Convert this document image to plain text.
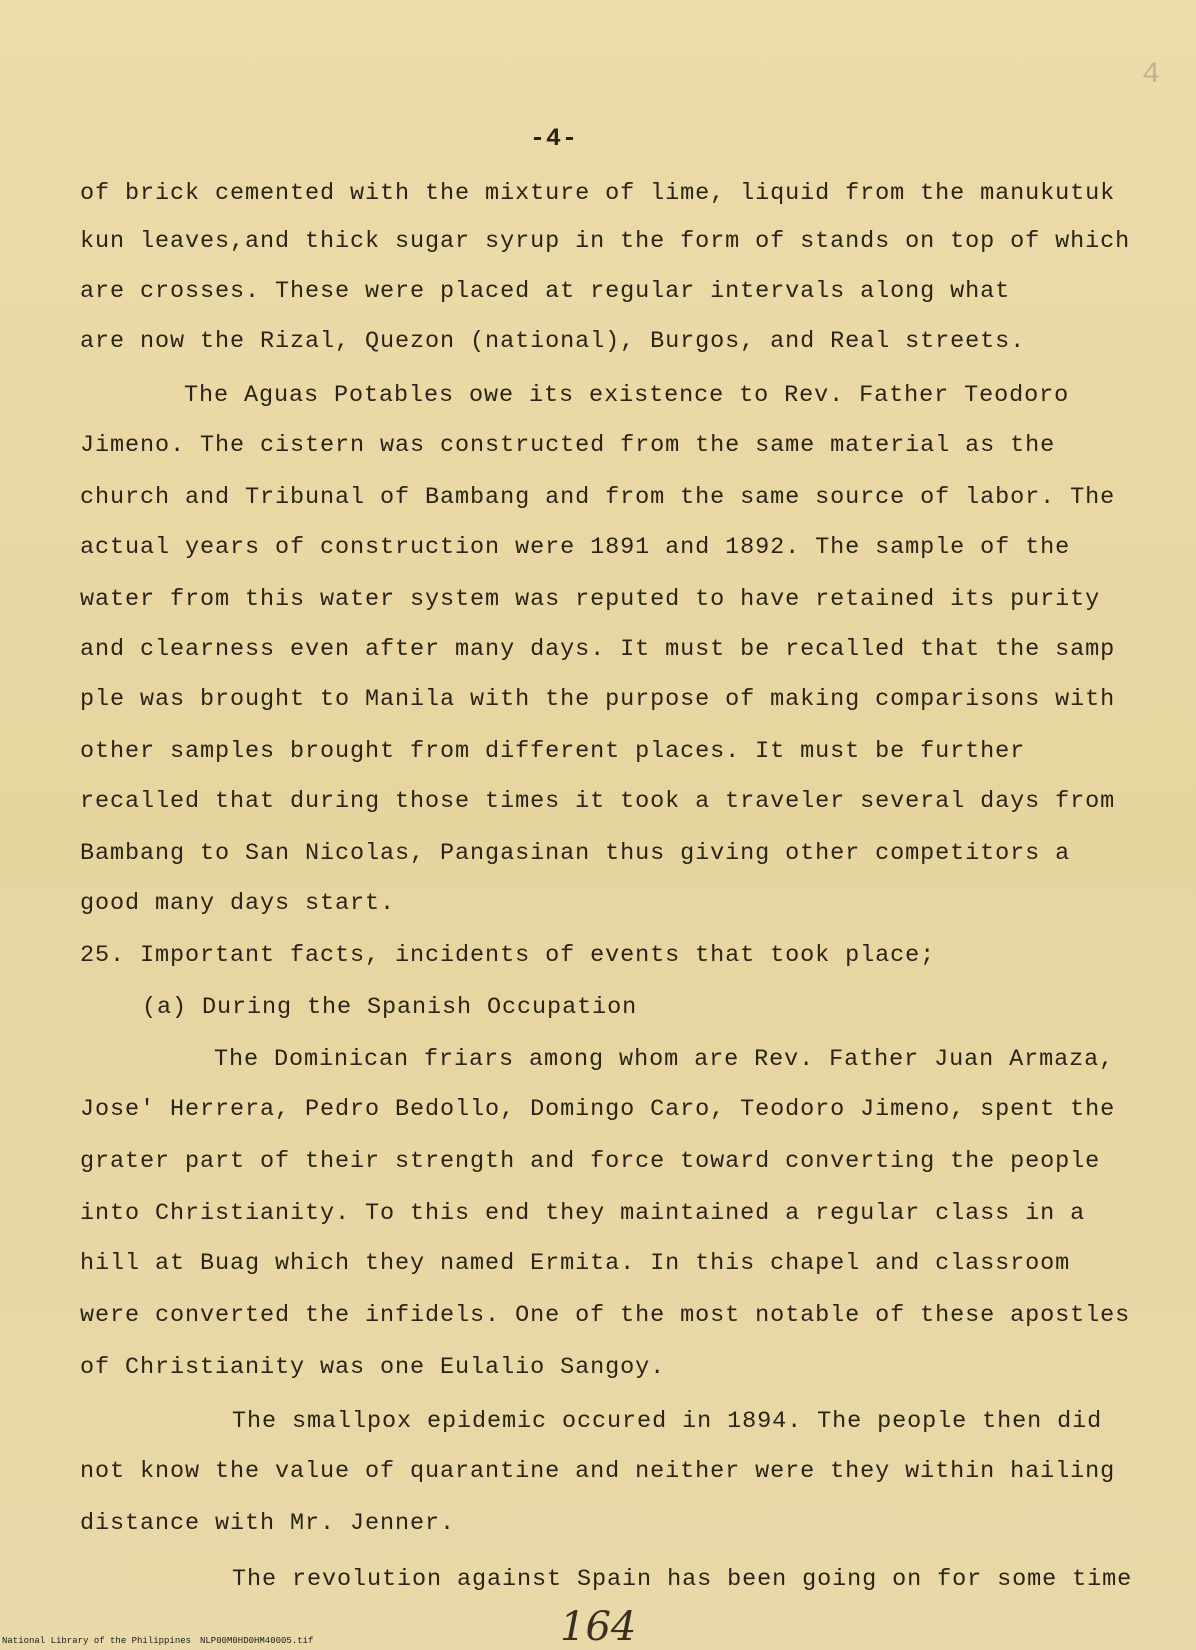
4
-4-
of brick cemented with the mixture of lime, liquid from the manukutuk
kun leaves,and thick sugar syrup in the form of stands on top of which
are crosses. These were placed at regular intervals along what
are now the Rizal, Quezon (national), Burgos, and Real streets.
The Aguas Potables owe its existence to Rev. Father Teodoro
Jimeno. The cistern was constructed from the same material as the
church and Tribunal of Bambang and from the same source of labor. The
actual years of construction were 1891 and 1892. The sample of the
water from this water system was reputed to have retained its purity
and clearness even after many days. It must be recalled that the samp
ple was brought to Manila with the purpose of making comparisons with
other samples brought from different places. It must be further
recalled that during those times it took a traveler several days from
Bambang to San Nicolas, Pangasinan thus giving other competitors a
good many days start.
25. Important facts, incidents of events that took place;
(a) During the Spanish Occupation
The Dominican friars among whom are Rev. Father Juan Armaza,
Jose' Herrera, Pedro Bedollo, Domingo Caro, Teodoro Jimeno, spent the
grater part of their strength and force toward converting the people
into Christianity. To this end they maintained a regular class in a
hill at Buag which they named Ermita. In this chapel and classroom
were converted the infidels. One of the most notable of these apostles
of Christianity was one Eulalio Sangoy.
The smallpox epidemic occured in 1894. The people then did
not know the value of quarantine and neither were they within hailing
distance with Mr. Jenner.
The revolution against Spain has been going on for some time
164
National Library of the Philippines NLP00M0HD0HM40005.tif
